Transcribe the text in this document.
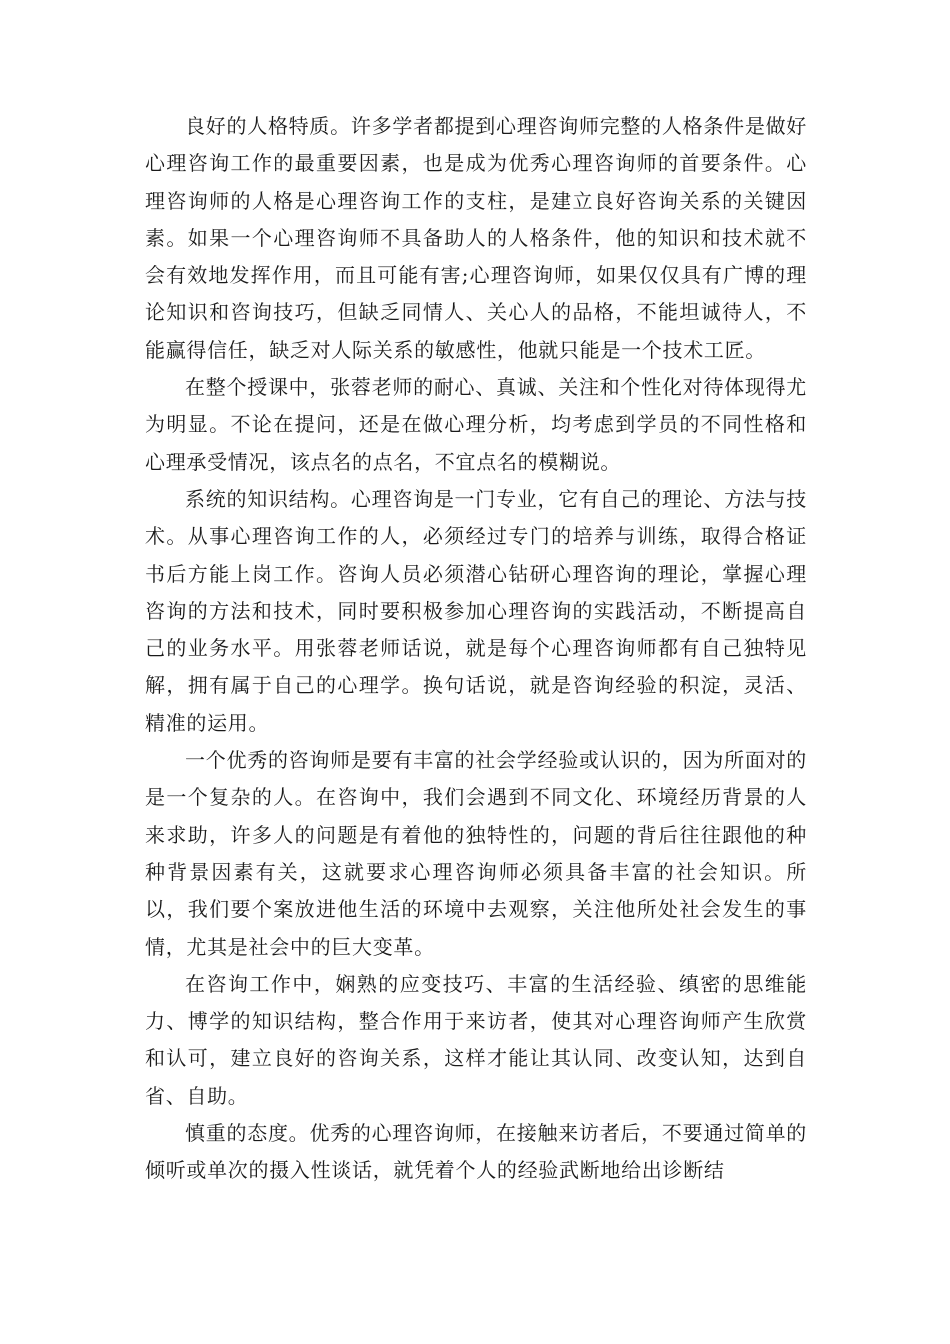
良好的人格特质。许多学者都提到心理咨询师完整的人格条件是做好心理咨询工作的最重要因素，也是成为优秀心理咨询师的首要条件。心理咨询师的人格是心理咨询工作的支柱，是建立良好咨询关系的关键因素。如果一个心理咨询师不具备助人的人格条件，他的知识和技术就不会有效地发挥作用，而且可能有害;心理咨询师，如果仅仅具有广博的理论知识和咨询技巧，但缺乏同情人、关心人的品格，不能坦诚待人，不能赢得信任，缺乏对人际关系的敏感性，他就只能是一个技术工匠。

在整个授课中，张蓉老师的耐心、真诚、关注和个性化对待体现得尤为明显。不论在提问，还是在做心理分析，均考虑到学员的不同性格和心理承受情况，该点名的点名，不宜点名的模糊说。

系统的知识结构。心理咨询是一门专业，它有自己的理论、方法与技术。从事心理咨询工作的人，必须经过专门的培养与训练，取得合格证书后方能上岗工作。咨询人员必须潜心钻研心理咨询的理论，掌握心理咨询的方法和技术，同时要积极参加心理咨询的实践活动，不断提高自己的业务水平。用张蓉老师话说，就是每个心理咨询师都有自己独特见解，拥有属于自己的心理学。换句话说，就是咨询经验的积淀，灵活、精准的运用。

一个优秀的咨询师是要有丰富的社会学经验或认识的，因为所面对的是一个复杂的人。在咨询中，我们会遇到不同文化、环境经历背景的人来求助，许多人的问题是有着他的独特性的，问题的背后往往跟他的种种背景因素有关，这就要求心理咨询师必须具备丰富的社会知识。所以，我们要个案放进他生活的环境中去观察，关注他所处社会发生的事情，尤其是社会中的巨大变革。

在咨询工作中，娴熟的应变技巧、丰富的生活经验、缜密的思维能力、博学的知识结构，整合作用于来访者，使其对心理咨询师产生欣赏和认可，建立良好的咨询关系，这样才能让其认同、改变认知，达到自省、自助。

慎重的态度。优秀的心理咨询师，在接触来访者后，不要通过简单的倾听或单次的摄入性谈话，就凭着个人的经验武断地给出诊断结
